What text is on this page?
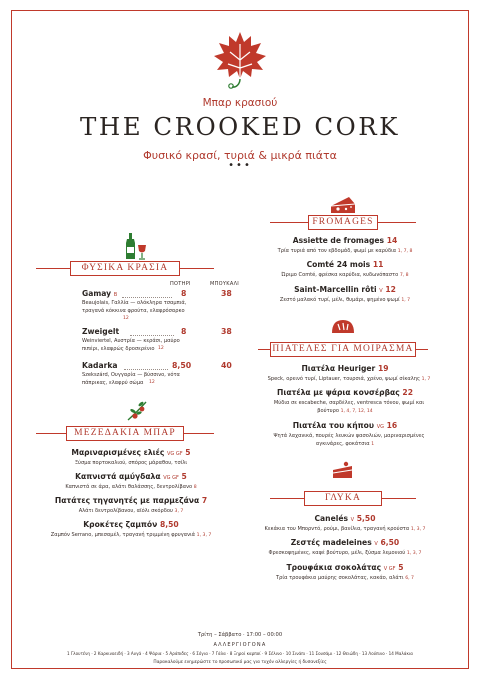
Μπαρ κρασιού
THE CROOKED CORK
Φυσικό κρασί, τυριά & μικρά πιάτα
•••
ΦΥΣΙΚΑ ΚΡΑΣΙΑ
ΠΟΤΗΡΙ	ΜΠΟΥΚΑΛΙ
Gamay B	8	38
Beaujolais, Γαλλία — ολόκληρα τσαμπιά,
τραγανά κόκκινα φρούτα, ελαφρόσαρκο
12
Zweigelt	8	38
Weinviertel, Αυστρία — κεράσι, μαύρο
πιπέρι, ελαφρώς δροσερένιο 12
Kadarka	8,50	40
Szekszárd, Ουγγαρία — βύσσινο, νότα
πάπρικας, ελαφρύ σώμα 12
ΜΕΖΕΔΑΚΙΑ ΜΠΑΡ
Μαριναρισμένες ελιές VG GF 5
Ξύσμα πορτοκαλιού, σπόρος μάραθου, τσίλι
Καπνιστά αμύγδαλα VG GF 5
Καπνιστά σε άρα, αλάτι θαλάσσης, δεντρολίβανο 8
Πατάτες τηγανητές με παρμεζάνα 7
Αλάτι δεντρολίβανου, αϊόλι σκόρδου 3, 7
Κροκέτες ζαμπόν 8,50
Ζαμπόν Serrano, μπεσαμέλ, τραγανή τριμμένη φρυγανιά 1, 3, 7
FROMAGES
Assiette de fromages 14
Τρία τυριά από τον εβδομάδ, ψωμί με καρύδια 1, 7, 8
Comté 24 mois 11
Ώριμο Comté, φρέσκα καρύδια, κυδωνόπαστο 7, 8
Saint-Marcellin rôti V 12
Ζεστό μαλακό τυρί, μέλι, θυμάρι, ψημένο ψωμί 1, 7
ΠΙΑΤΕΛΕΣ ΓΙΑ ΜΟΙΡΑΣΜΑ
Πιατέλα Heuriger 19
Speck, ορεινό τυρί, Liptauer, τουρσιά, χρένο, ψωμί σίκαλης 1, 7
Πιατέλα με ψάρια κονσέρβας 22
Μύδια σε escabeche, σαρδέλες, ventresca τόνου, ψωμί και
βούτυρο 1, 4, 7, 12, 14
Πιατέλα του κήπου VG 16
Ψητά λαχανικά, πουρές λευκών φασολιών, μαριναρισμένες
αγκινάρες, φοκάτσια 1
ΓΛΥΚΑ
Canelés V 5,50
Κεκάκια του Μπορντό, ρούμι, βανίλια, τραγανή κρούστα 1, 3, 7
Ζεστές madeleines V 6,50
Φρεσκοψημένες, καφέ βούτυρο, μέλι, ξύσμα λεμονιού 1, 3, 7
Τρουφάκια σοκολάτας V GF 5
Τρία τρουφάκια μαύρης σοκολάτας, κακάο, αλάτι 6, 7
Τρίτη – Σάββατο · 17:00 – 00:00
ΑΛΛΕΡΓΙΟΓΟΝΑ
1 Γλουτένη · 2 Καρκινοειδή · 3 Αυγά · 4 Ψάρια · 5 Αράπιδες · 6 Σόγια · 7 Γάλα · 8 Ξηροί καρποί · 9 Σέλινο · 10 Σινάπι · 11 Σουσάμι · 12 Θειώδη · 13 Λούπινο · 14 Μαλάκια
Παρακαλούμε ενημερώστε το προσωπικό μας για τυχόν αλλεργίες ή δυσανεξίες
